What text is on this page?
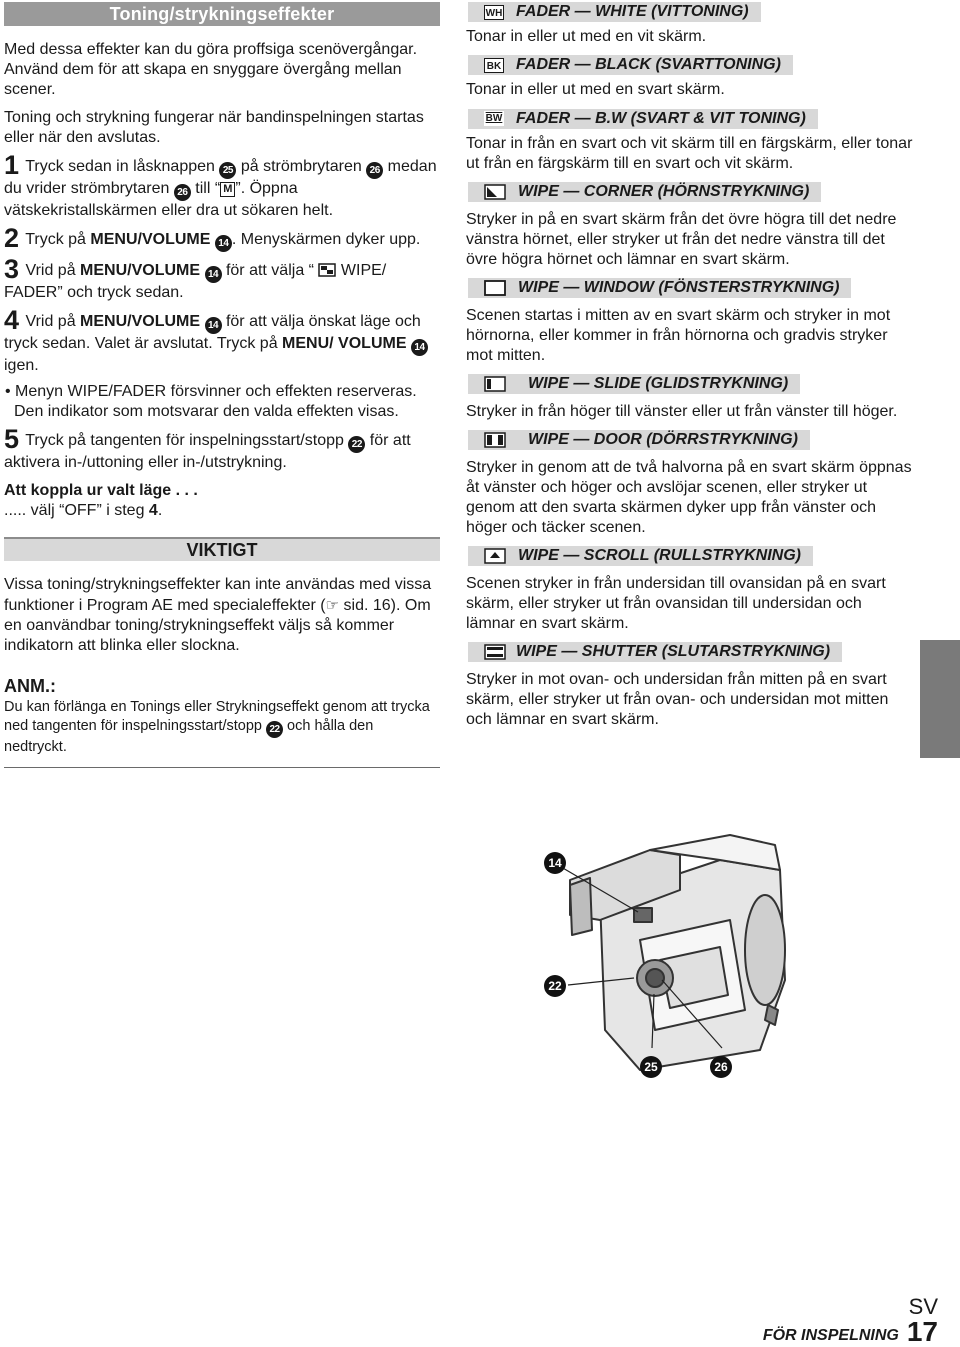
Toning/strykningseffekter

Med dessa effekter kan du göra proffsiga scenövergångar. Använd dem för att skapa en snyggare övergång mellan scener.

Toning och strykning fungerar när bandinspelningen startas eller när den avslutas.

1 Tryck sedan in låsknappen 25 på strömbrytaren 26 medan du vrider strömbrytaren 26 till “ M ”. Öppna vätskekristallskärmen eller dra ut sökaren helt.

2 Tryck på MENU/VOLUME 14 . Menyskärmen dyker upp.

3 Vrid på MENU/VOLUME 14 för att välja “ WIPE/ FADER” och tryck sedan.

4 Vrid på MENU/VOLUME 14 för att välja önskat läge och tryck sedan. Valet är avslutat. Tryck på MENU/ VOLUME 14 igen.

• Menyn WIPE/FADER försvinner och effekten reserveras. Den indikator som motsvarar den valda effekten visas.

5 Tryck på tangenten för inspelningsstart/stopp 22 för att aktivera in-/uttoning eller in-/utstrykning.

Att koppla ur valt läge . . .

..... välj “OFF” i steg 4.

VIKTIGT

Vissa toning/strykningseffekter kan inte användas med vissa funktioner i Program AE med specialeffekter (☞ sid. 16). Om en oanvändbar toning/strykningseffekt väljs så kommer indikatorn att blinka eller slockna.

ANM.:

Du kan förlänga en Tonings eller Strykningseffekt genom att trycka ned tangenten för inspelningsstart/stopp 22 och hålla den nedtryckt.

WH FADER — WHITE (VITTONING)

Tonar in eller ut med en vit skärm.

BK FADER — BLACK (SVARTTONING)

Tonar in eller ut med en svart skärm.

BW FADER — B.W (SVART & VIT TONING)

Tonar in från en svart och vit skärm till en färgskärm, eller tonar ut från en färgskärm till en svart och vit skärm.

WIPE — CORNER (HÖRNSTRYKNING)

Stryker in på en svart skärm från det övre högra till det nedre vänstra hörnet, eller stryker ut från det nedre vänstra till det övre högra hörnet och lämnar en svart skärm.

WIPE — WINDOW (FÖNSTERSTRYKNING)

Scenen startas i mitten av en svart skärm och stryker in mot hörnorna, eller kommer in från hörnorna och gradvis stryker mot mitten.

WIPE — SLIDE (GLIDSTRYKNING)

Stryker in från höger till vänster eller ut från vänster till höger.

WIPE — DOOR (DÖRRSTRYKNING)

Stryker in genom att de två halvorna på en svart skärm öppnas åt vänster och höger och avslöjar scenen, eller stryker ut genom att den svarta skärmen dyker upp från vänster och höger och täcker scenen.

WIPE — SCROLL (RULLSTRYKNING)

Scenen stryker in från undersidan till ovansidan på en svart skärm, eller stryker ut från ovansidan till undersidan och lämnar en svart skärm.

WIPE — SHUTTER (SLUTARSTRYKNING)

Stryker in mot ovan- och undersidan från mitten på en svart skärm, eller stryker ut från ovan- och undersidan mot mitten och lämnar en svart skärm.

14
22
25	26
SV
FÖR INSPELNING 17
